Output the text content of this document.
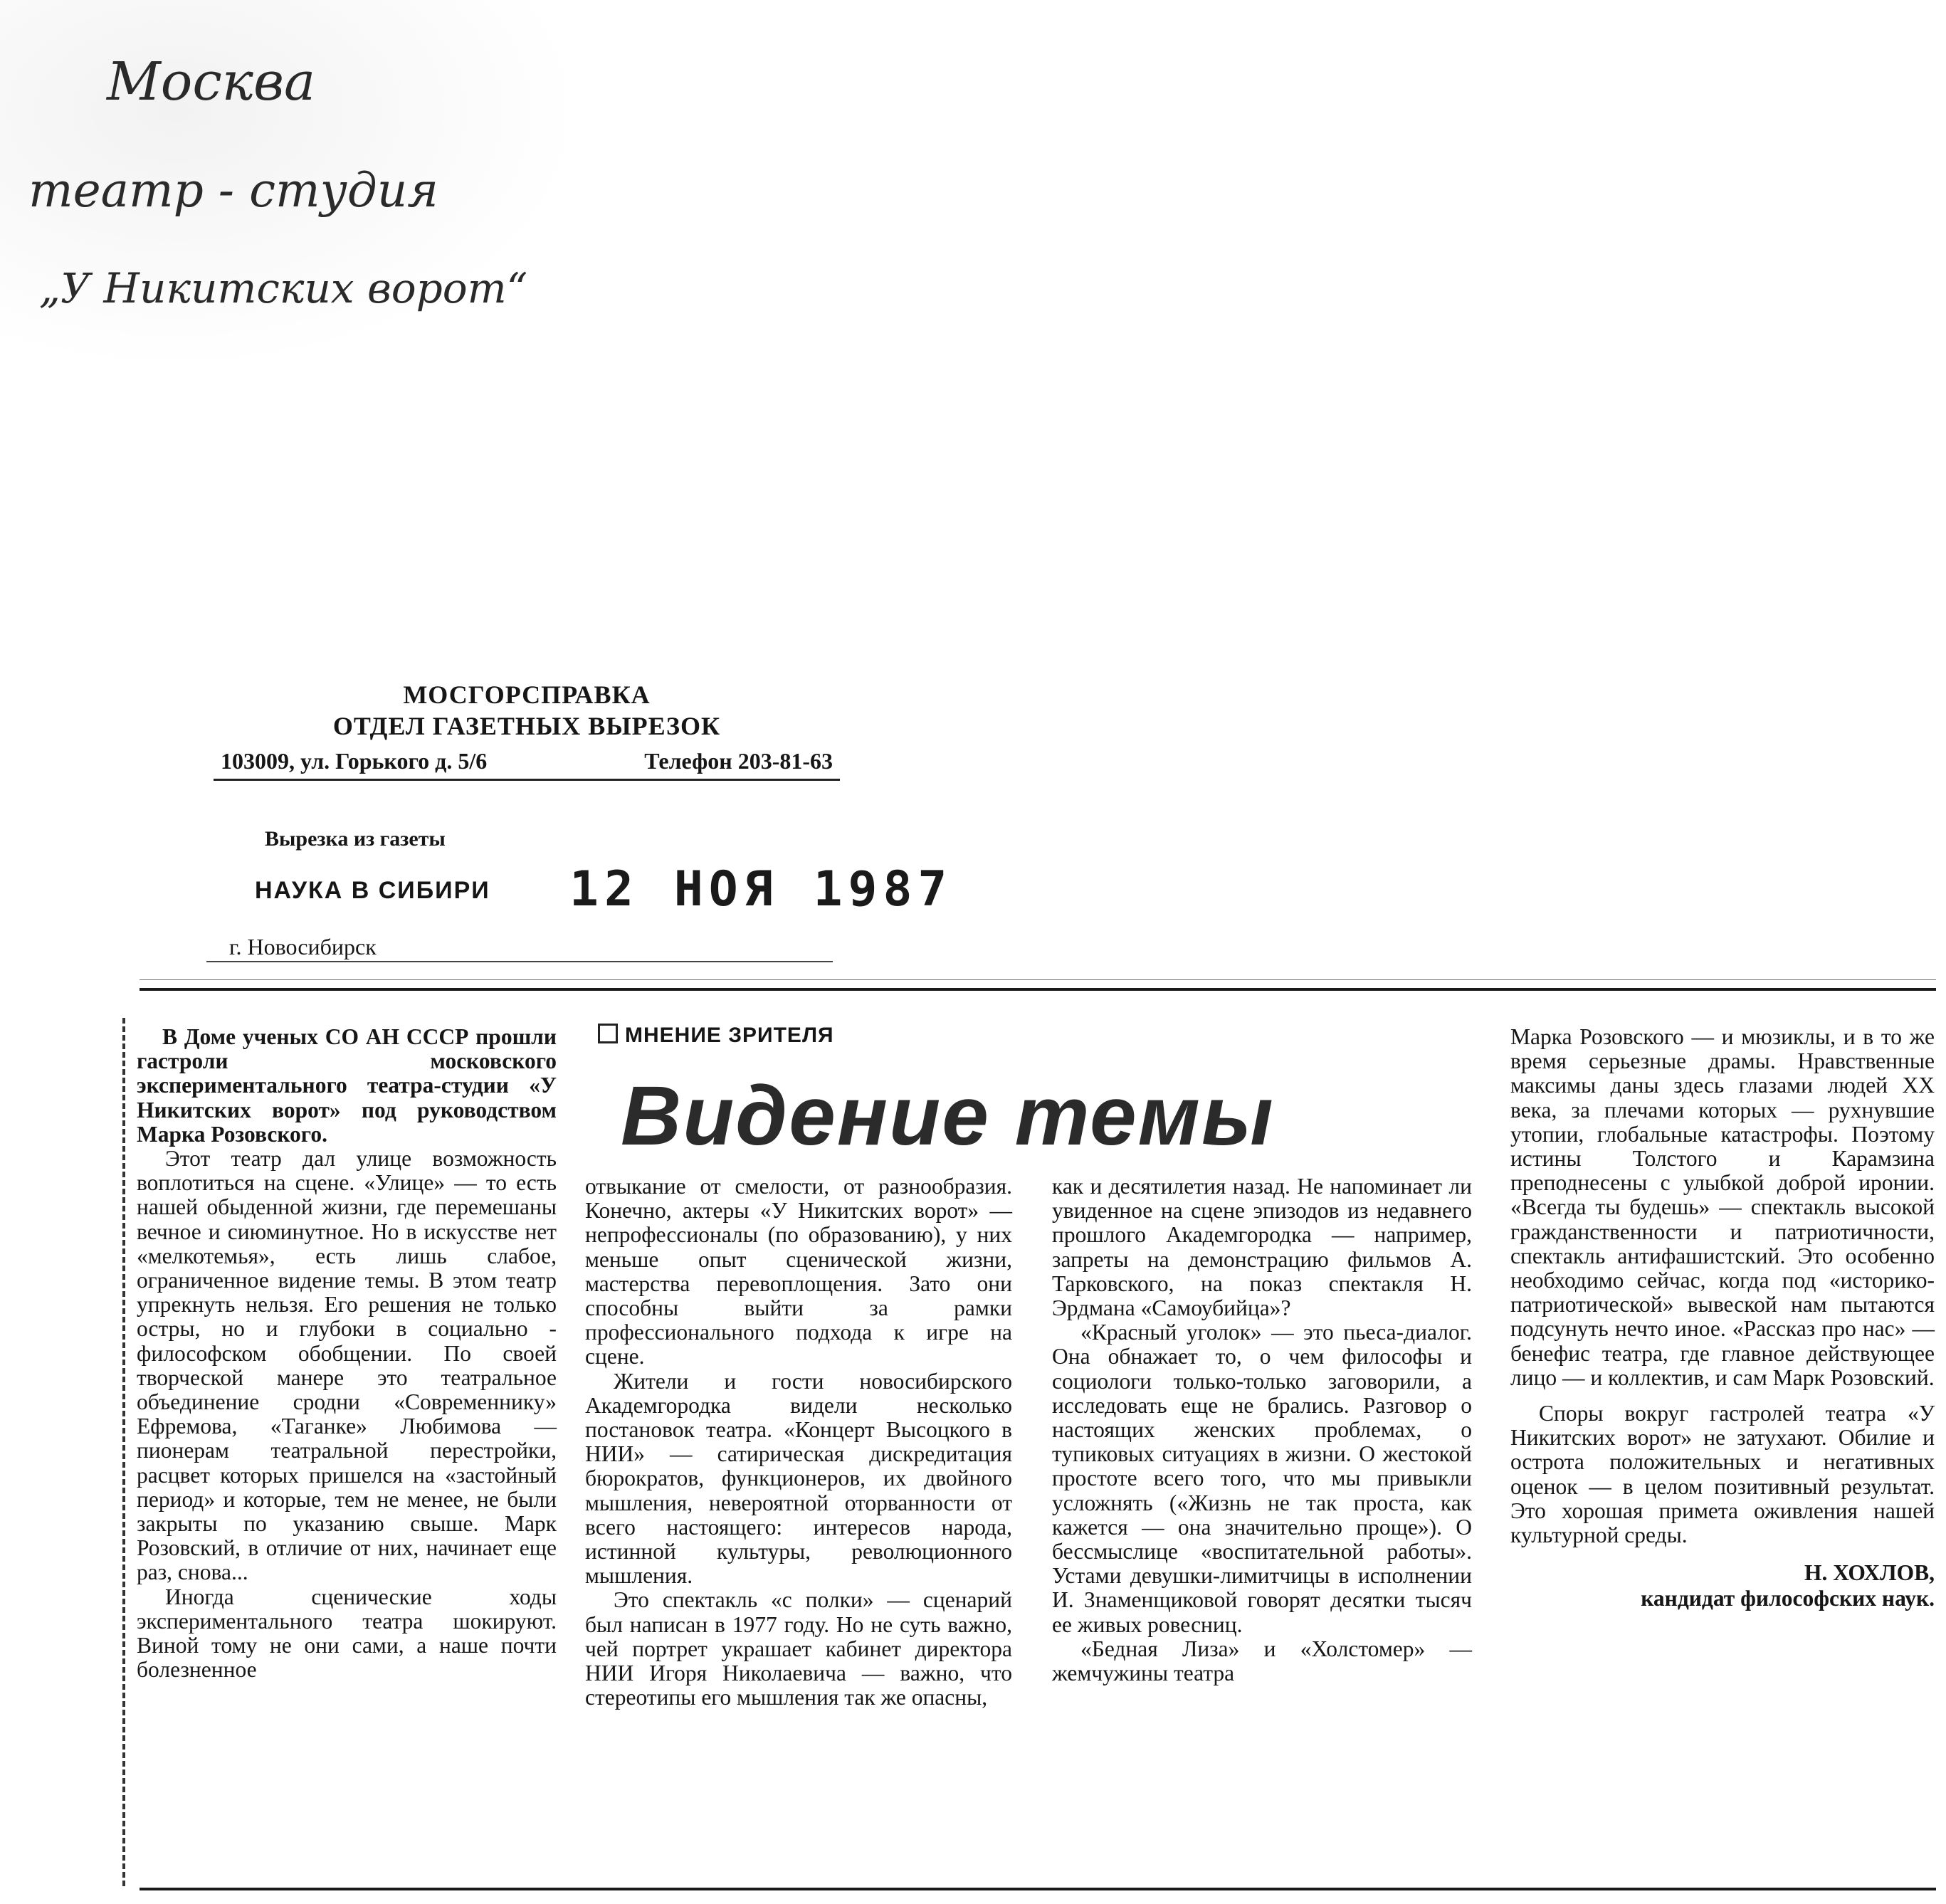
Москва
театр - студия
„У Никитских ворот“
МОСГОРСПРАВКА
ОТДЕЛ ГАЗЕТНЫХ ВЫРЕЗОК
103009, ул. Горького д. 5/6	Телефон 203-81-63
Вырезка из газеты
НАУКА В СИБИРИ 12 НОЯ 1987
г. Новосибирск
МНЕНИЕ ЗРИТЕЛЯ
Видение темы

В Доме ученых СО АН СССР прошли гастроли московского экспериментального театра-студии «У Никитских ворот» под руководством Марка Розовского.

Этот театр дал улице возможность воплотиться на сцене. «Улице» — то есть нашей обыденной жизни, где перемешаны вечное и сиюминутное. Но в искусстве нет «мелкотемья», есть лишь слабое, ограниченное видение темы. В этом театр упрекнуть нельзя. Его решения не только остры, но и глубоки в социально - философском обобщении. По своей творческой манере это театральное объединение сродни «Современнику» Ефремова, «Таганке» Любимова — пионерам театральной перестройки, расцвет которых пришелся на «застойный период» и которые, тем не менее, не были закрыты по указанию свыше. Марк Розовский, в отличие от них, начинает еще раз, снова...

Иногда сценические ходы экспериментального театра шокируют. Виной тому не они сами, а наше почти болезненное

отвыкание от смелости, от разнообразия. Конечно, актеры «У Никитских ворот» — непрофессионалы (по образованию), у них меньше опыт сценической жизни, мастерства перевоплощения. Зато они способны выйти за рамки профессионального подхода к игре на сцене.

Жители и гости новосибирского Академгородка видели несколько постановок театра. «Концерт Высоцкого в НИИ» — сатирическая дискредитация бюрократов, функционеров, их двойного мышления, невероятной оторванности от всего настоящего: интересов народа, истинной культуры, революционного мышления.

Это спектакль «с полки» — сценарий был написан в 1977 году. Но не суть важно, чей портрет украшает кабинет директора НИИ Игоря Николаевича — важно, что стереотипы его мышления так же опасны,

как и десятилетия назад. Не напоминает ли увиденное на сцене эпизодов из недавнего прошлого Академгородка — например, запреты на демонстрацию фильмов А. Тарковского, на показ спектакля Н. Эрдмана «Самоубийца»?

«Красный уголок» — это пьеса-диалог. Она обнажает то, о чем философы и социологи только-только заговорили, а исследовать еще не брались. Разговор о настоящих женских проблемах, о тупиковых ситуациях в жизни. О жестокой простоте всего того, что мы привыкли усложнять («Жизнь не так проста, как кажется — она значительно проще»). О бессмыслице «воспитательной работы». Устами девушки-лимитчицы в исполнении И. Знаменщиковой говорят десятки тысяч ее живых ровесниц.

«Бедная Лиза» и «Холстомер» — жемчужины театра

Марка Розовского — и мюзиклы, и в то же время серьезные драмы. Нравственные максимы даны здесь глазами людей XX века, за плечами которых — рухнувшие утопии, глобальные катастрофы. Поэтому истины Толстого и Карамзина преподнесены с улыбкой доброй иронии. «Всегда ты будешь» — спектакль высокой гражданственности и патриотичности, спектакль антифашистский. Это особенно необходимо сейчас, когда под «историко-патриотической» вывеской нам пытаются подсунуть нечто иное. «Рассказ про нас» — бенефис театра, где главное действующее лицо — и коллектив, и сам Марк Розовский.

Споры вокруг гастролей театра «У Никитских ворот» не затухают. Обилие и острота положительных и негативных оценок — в целом позитивный результат. Это хорошая примета оживления нашей культурной среды.

Н. ХОХЛОВ,
кандидат философских наук.
